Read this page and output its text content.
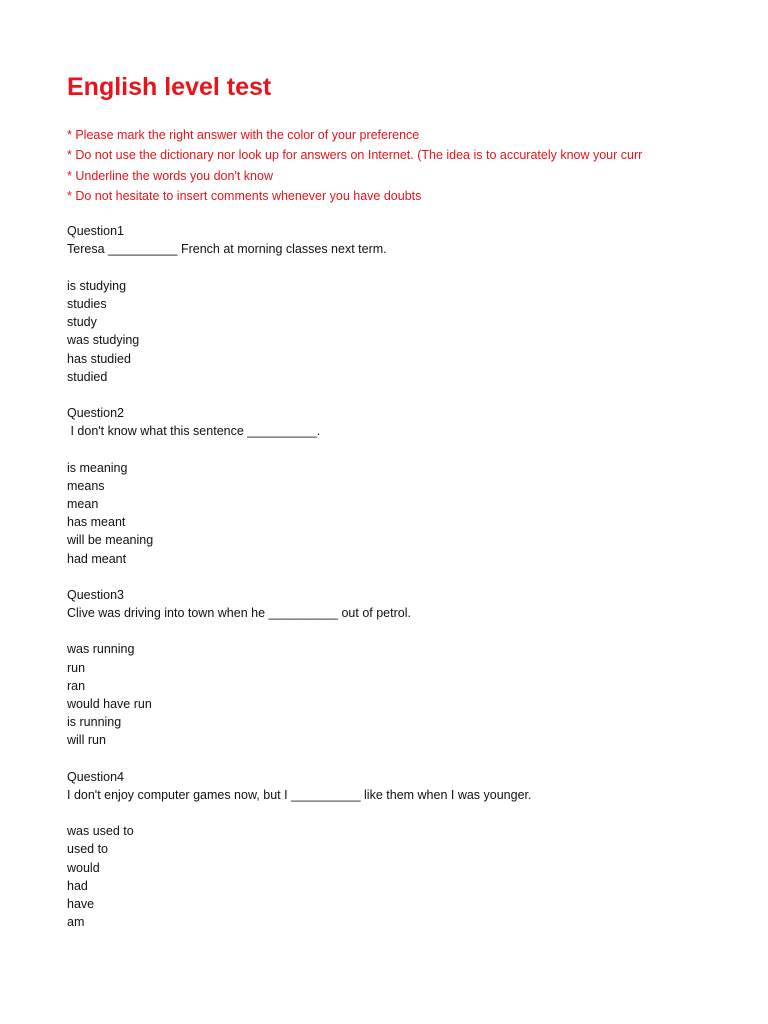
English level test
* Please mark the right answer with the color of your preference
* Do not use the dictionary nor look up for answers on Internet. (The idea is to accurately know your curr
* Underline the words you don't know
* Do not hesitate to insert comments whenever you have doubts
Question1
Teresa __________ French at morning classes next term.
is studying
studies
study
was studying
has studied
studied
Question2
I don't know what this sentence __________.
is meaning
means
mean
has meant
will be meaning
had meant
Question3
Clive was driving into town when he __________ out of petrol.
was running
run
ran
would have run
is running
will run
Question4
I don't enjoy computer games now, but I __________ like them when I was younger.
was used to
used to
would
had
have
am
